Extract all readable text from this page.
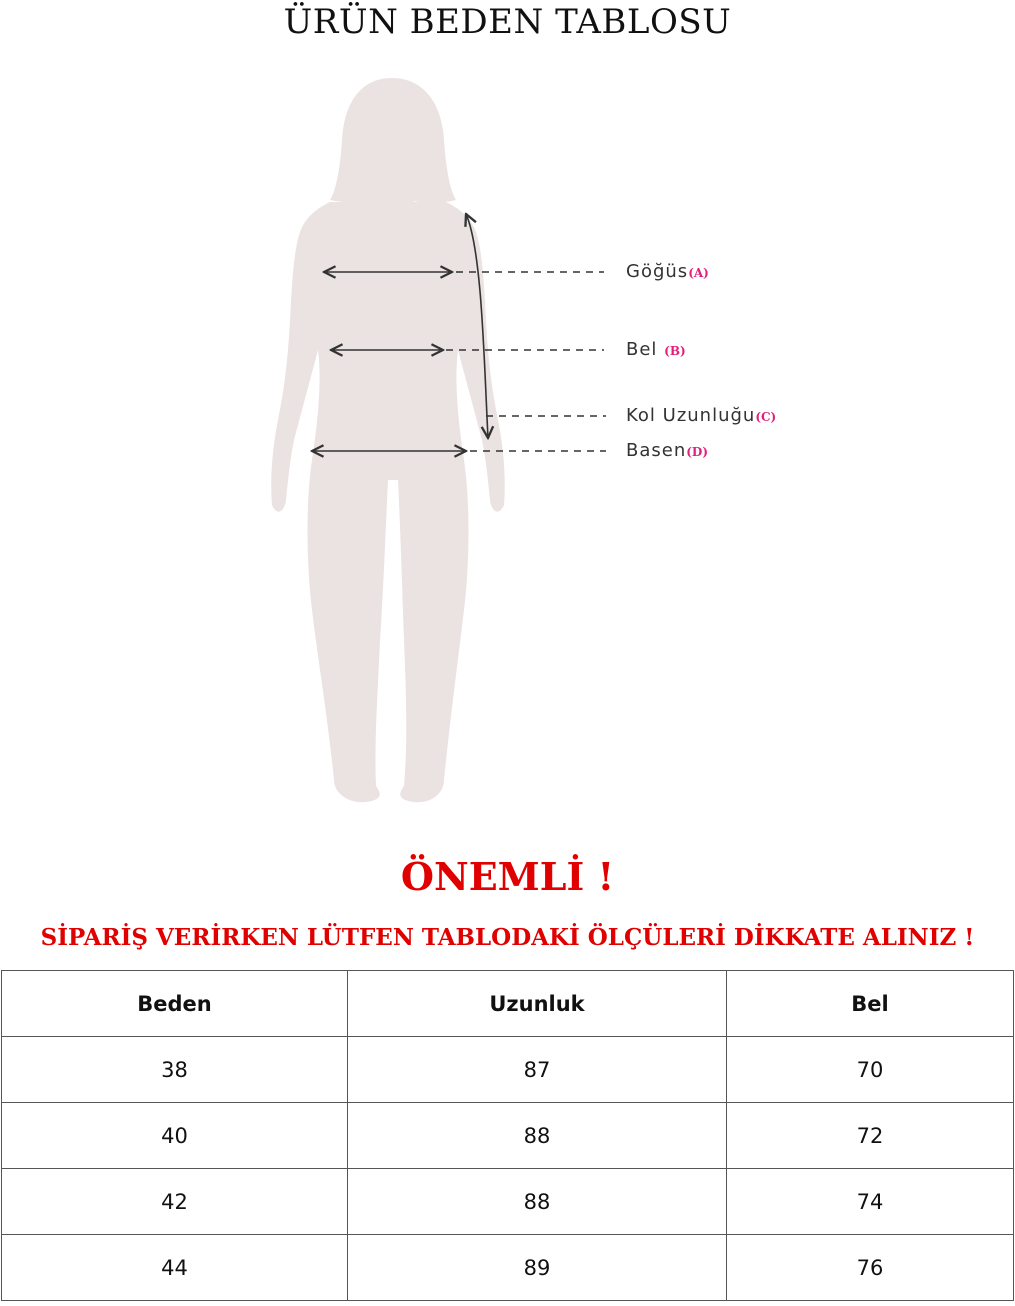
ÜRÜN BEDEN TABLOSU
Göğüs(A)
Bel (B)
Kol Uzunluğu(C)
Basen(D)
ÖNEMLİ !
SİPARİŞ VERİRKEN LÜTFEN TABLODAKİ ÖLÇÜLERİ DİKKATE ALINIZ !
Beden	Uzunluk	Bel
38	87	70
40	88	72
42	88	74
44	89	76
